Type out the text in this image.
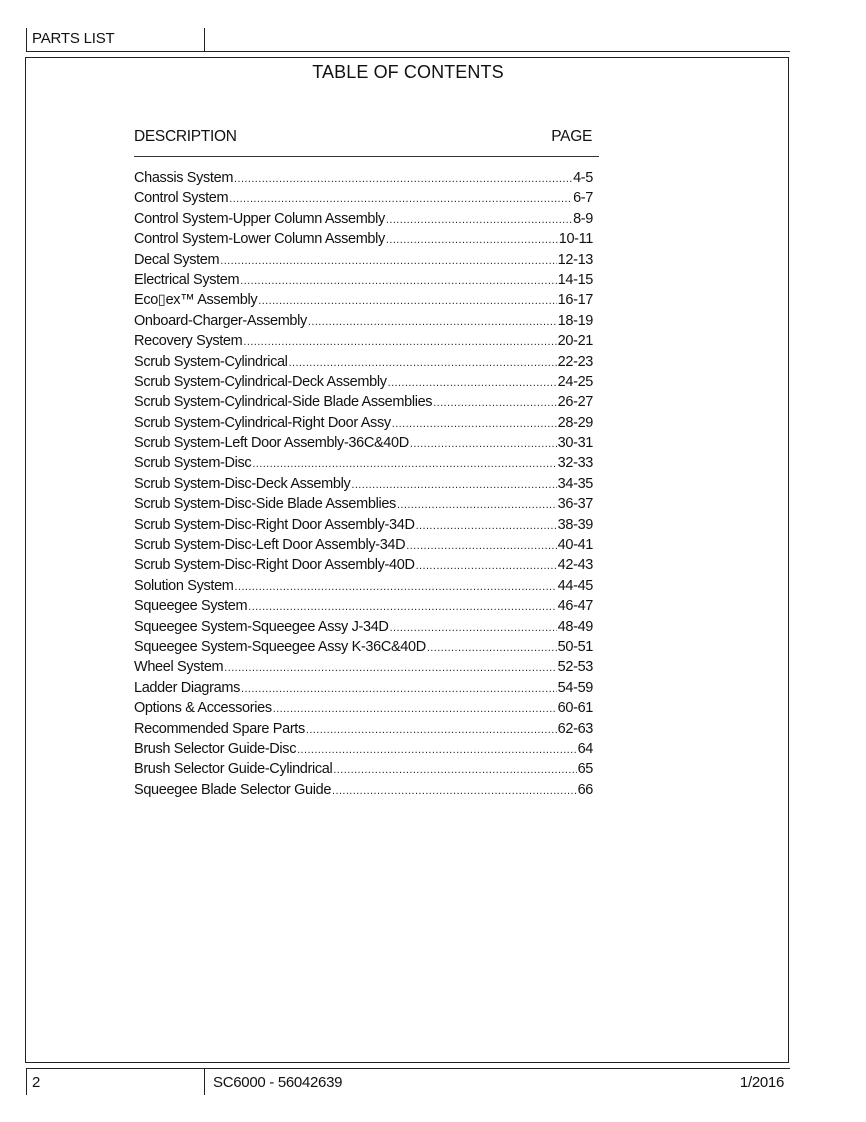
PARTS LIST
TABLE OF CONTENTS
DESCRIPTION	PAGE
Chassis System .....	4-5
Control System .....	6-7
Control System-Upper Column Assembly .....	8-9
Control System-Lower Column Assembly .....	10-11
Decal System .....	12-13
Electrical System .....	14-15
Eco▯ex™ Assembly .....	16-17
Onboard-Charger-Assembly .....	18-19
Recovery System .....	20-21
Scrub System-Cylindrical .....	22-23
Scrub System-Cylindrical-Deck Assembly .....	24-25
Scrub System-Cylindrical-Side Blade Assemblies .....	26-27
Scrub System-Cylindrical-Right Door Assy .....	28-29
Scrub System-Left Door Assembly-36C&40D .....	30-31
Scrub System-Disc .....	32-33
Scrub System-Disc-Deck Assembly .....	34-35
Scrub System-Disc-Side Blade Assemblies .....	36-37
Scrub System-Disc-Right Door Assembly-34D .....	38-39
Scrub System-Disc-Left Door Assembly-34D .....	40-41
Scrub System-Disc-Right Door Assembly-40D .....	42-43
Solution System .....	44-45
Squeegee System .....	46-47
Squeegee System-Squeegee Assy J-34D .....	48-49
Squeegee System-Squeegee Assy K-36C&40D .....	50-51
Wheel System .....	52-53
Ladder Diagrams .....	54-59
Options & Accessories .....	60-61
Recommended Spare Parts .....	62-63
Brush Selector Guide-Disc .....	64
Brush Selector Guide-Cylindrical .....	65
Squeegee Blade Selector Guide .....	66
2	SC6000 - 56042639	1/2016
